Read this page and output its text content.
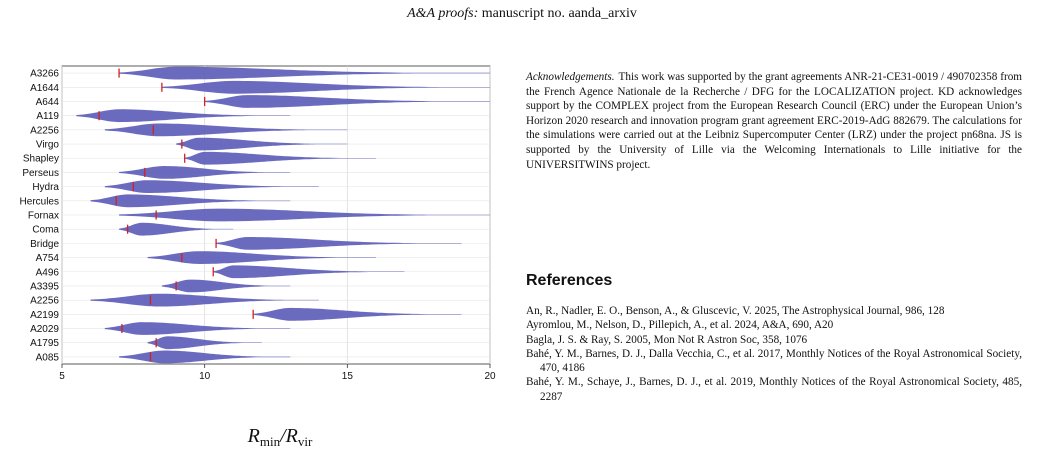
A&A proofs: manuscript no. aanda_arxiv
A3266
A1644
A644
A119
A2256
Virgo
Shapley
Perseus
Hydra
Hercules
Fornax
Coma
Bridge
A754
A496
A3395
A2256
A2199
A2029
A1795
A085
5	10	15	20
$R_{min}/R_{vir}$

Acknowledgements. This work was supported by the grant agreements ANR-21-CE31-0019 / 490702358 from the French Agence Nationale de la Recherche / DFG for the LOCALIZATION project. KD acknowledges support by the COMPLEX project from the European Research Council (ERC) under the European Union’s Horizon 2020 research and innovation program grant agreement ERC-2019-AdG 882679. The calculations for the simulations were carried out at the Leibniz Supercomputer Center (LRZ) under the project pn68na. JS is supported by the University of Lille via the Welcoming Internationals to Lille initiative for the UNIVERSITWINS project.

References
An, R., Nadler, E. O., Benson, A., & Gluscevic, V. 2025, The Astrophysical Journal, 986, 128
Ayromlou, M., Nelson, D., Pillepich, A., et al. 2024, A&A, 690, A20
Bagla, J. S. & Ray, S. 2005, Mon Not R Astron Soc, 358, 1076
Bahé, Y. M., Barnes, D. J., Dalla Vecchia, C., et al. 2017, Monthly Notices of the Royal Astronomical Society, 470, 4186
Bahé, Y. M., Schaye, J., Barnes, D. J., et al. 2019, Monthly Notices of the Royal Astronomical Society, 485, 2287
